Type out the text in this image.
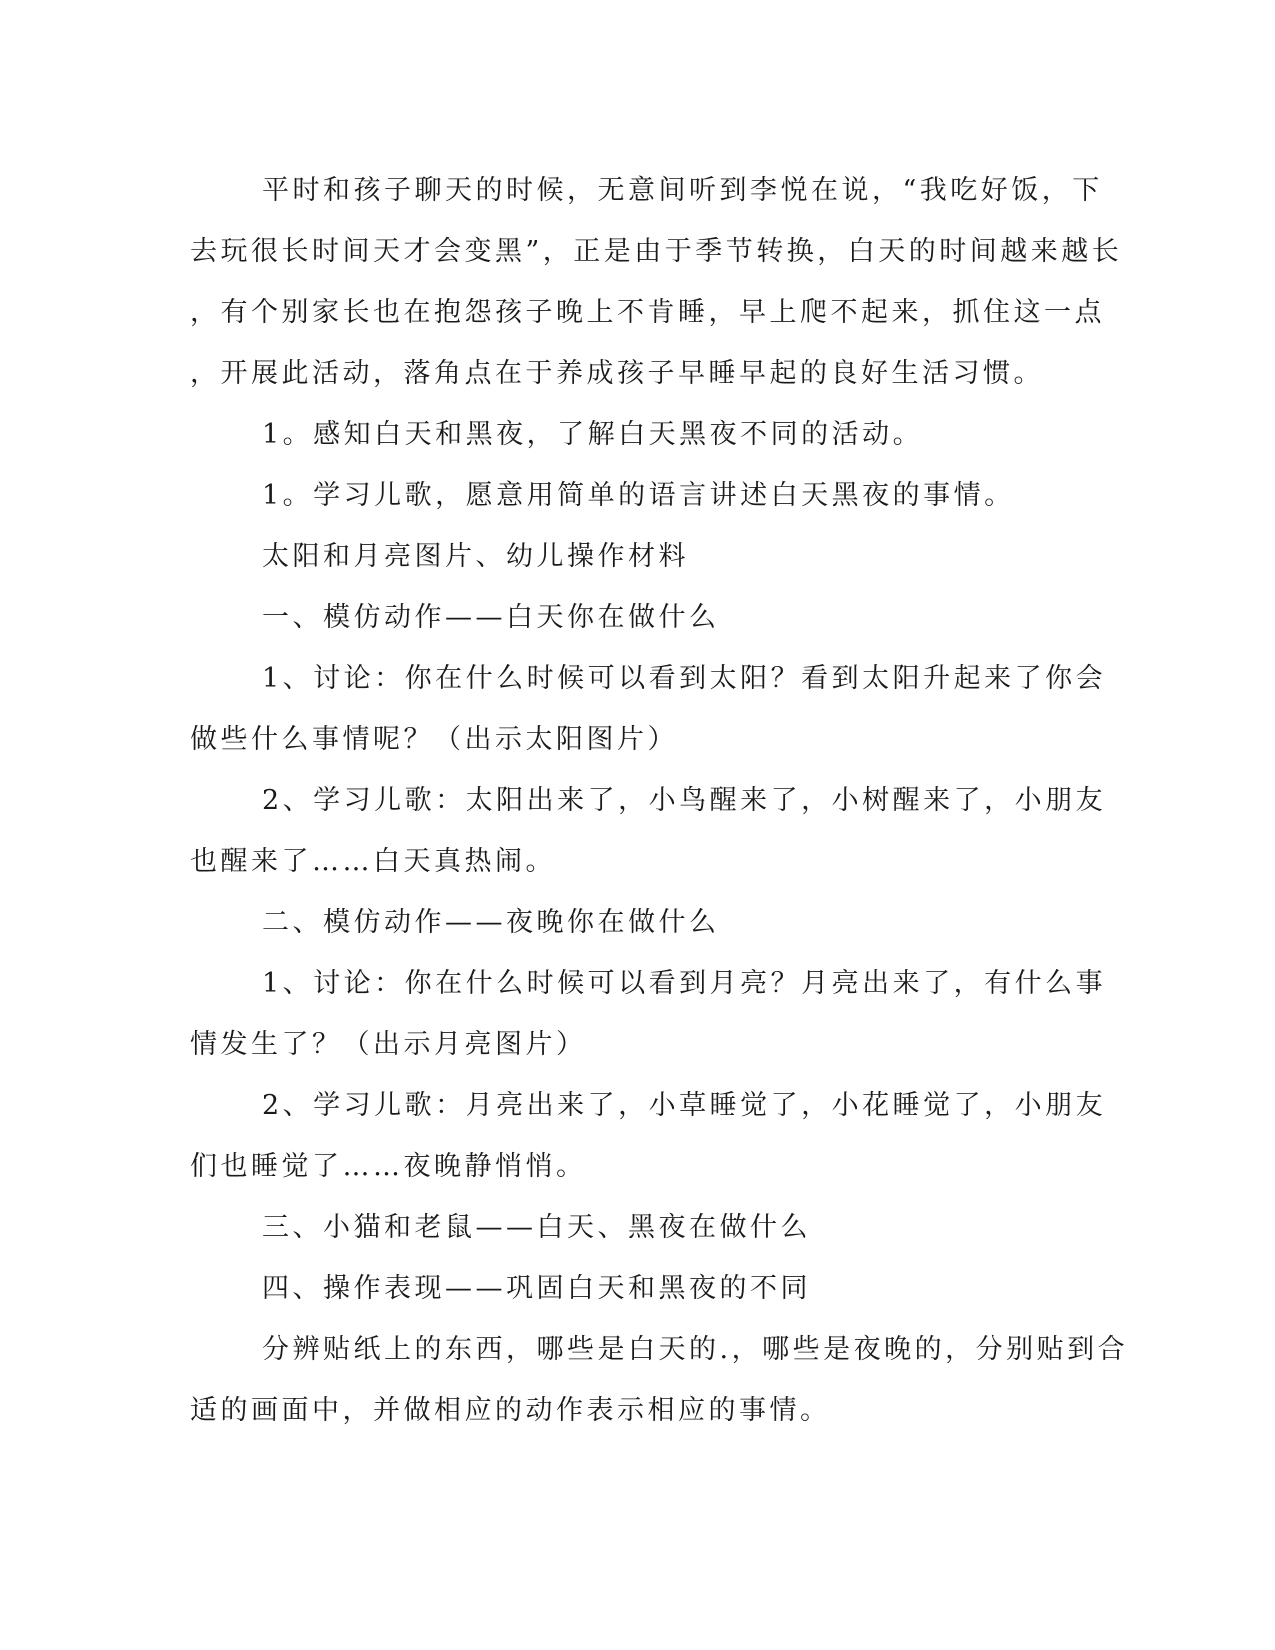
平时和孩子聊天的时候，无意间听到李悦在说，“我吃好饭，下
去玩很长时间天才会变黑”，正是由于季节转换，白天的时间越来越长
，有个别家长也在抱怨孩子晚上不肯睡，早上爬不起来，抓住这一点
，开展此活动，落角点在于养成孩子早睡早起的良好生活习惯。
1。感知白天和黑夜，了解白天黑夜不同的活动。
1。学习儿歌，愿意用简单的语言讲述白天黑夜的事情。
太阳和月亮图片、幼儿操作材料
一、模仿动作——白天你在做什么
1、讨论：你在什么时候可以看到太阳？看到太阳升起来了你会
做些什么事情呢？（出示太阳图片）
2、学习儿歌：太阳出来了，小鸟醒来了，小树醒来了，小朋友
也醒来了……白天真热闹。
二、模仿动作——夜晚你在做什么
1、讨论：你在什么时候可以看到月亮？月亮出来了，有什么事
情发生了？（出示月亮图片）
2、学习儿歌：月亮出来了，小草睡觉了，小花睡觉了，小朋友
们也睡觉了……夜晚静悄悄。
三、小猫和老鼠——白天、黑夜在做什么
四、操作表现——巩固白天和黑夜的不同
分辨贴纸上的东西，哪些是白天的.，哪些是夜晚的，分别贴到合
适的画面中，并做相应的动作表示相应的事情。
